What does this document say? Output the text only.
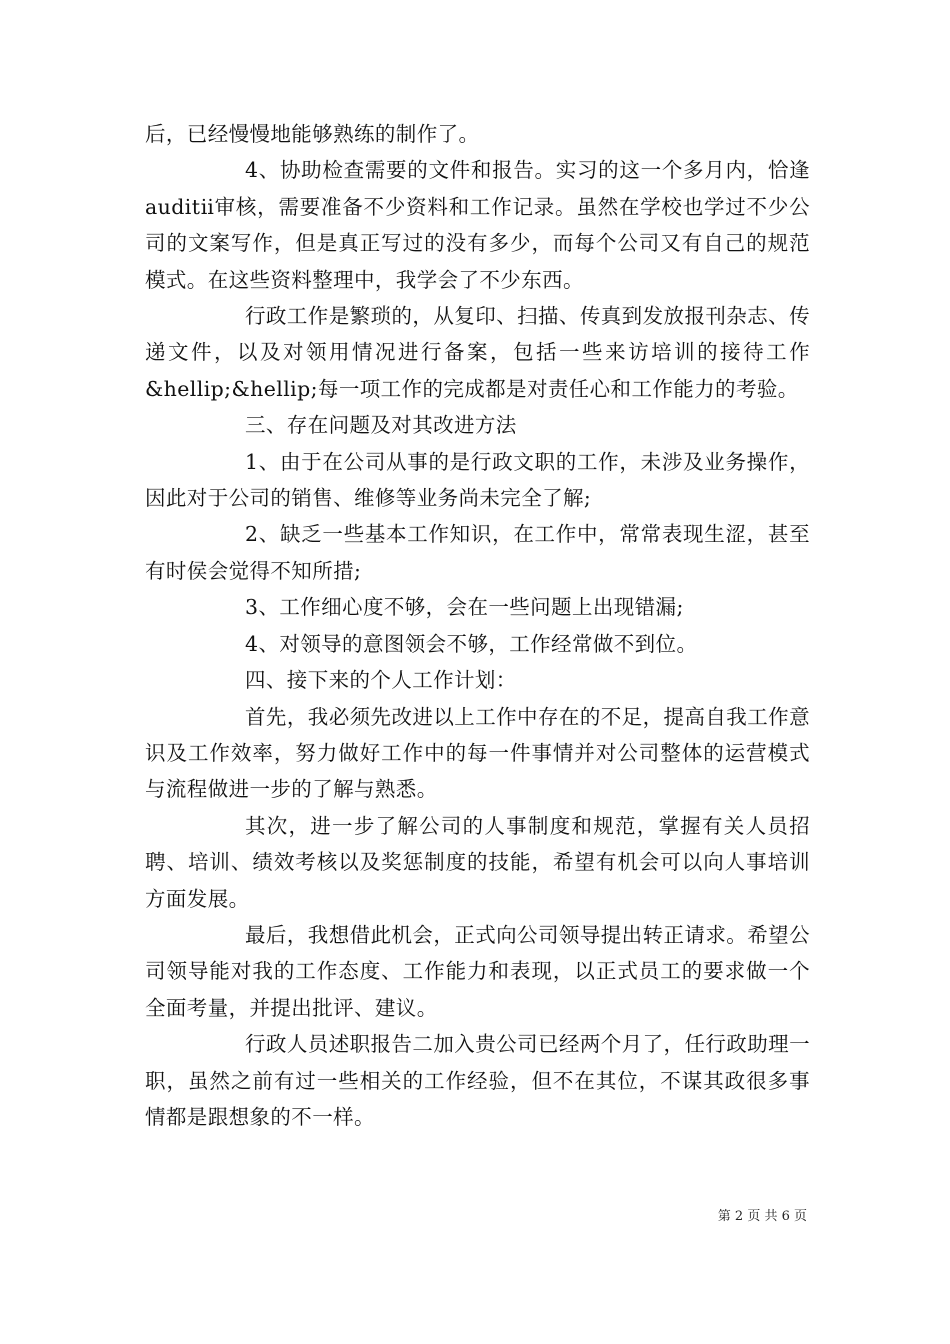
后，已经慢慢地能够熟练的制作了。

4、协助检查需要的文件和报告。实习的这一个多月内，恰逢auditⅱ审核，需要准备不少资料和工作记录。虽然在学校也学过不少公司的文案写作，但是真正写过的没有多少，而每个公司又有自己的规范模式。在这些资料整理中，我学会了不少东西。

行政工作是繁琐的，从复印、扫描、传真到发放报刊杂志、传递文件，以及对领用情况进行备案，包括一些来访培训的接待工作&hellip;&hellip;每一项工作的完成都是对责任心和工作能力的考验。

三、存在问题及对其改进方法

1、由于在公司从事的是行政文职的工作，未涉及业务操作，因此对于公司的销售、维修等业务尚未完全了解;

2、缺乏一些基本工作知识，在工作中，常常表现生涩，甚至有时侯会觉得不知所措;

3、工作细心度不够，会在一些问题上出现错漏;

4、对领导的意图领会不够，工作经常做不到位。

四、接下来的个人工作计划：

首先，我必须先改进以上工作中存在的不足，提高自我工作意识及工作效率，努力做好工作中的每一件事情并对公司整体的运营模式与流程做进一步的了解与熟悉。

其次，进一步了解公司的人事制度和规范，掌握有关人员招聘、培训、绩效考核以及奖惩制度的技能，希望有机会可以向人事培训方面发展。

最后，我想借此机会，正式向公司领导提出转正请求。希望公司领导能对我的工作态度、工作能力和表现，以正式员工的要求做一个全面考量，并提出批评、建议。

行政人员述职报告二加入贵公司已经两个月了，任行政助理一职，虽然之前有过一些相关的工作经验，但不在其位，不谋其政很多事情都是跟想象的不一样。

第 2 页 共 6 页
